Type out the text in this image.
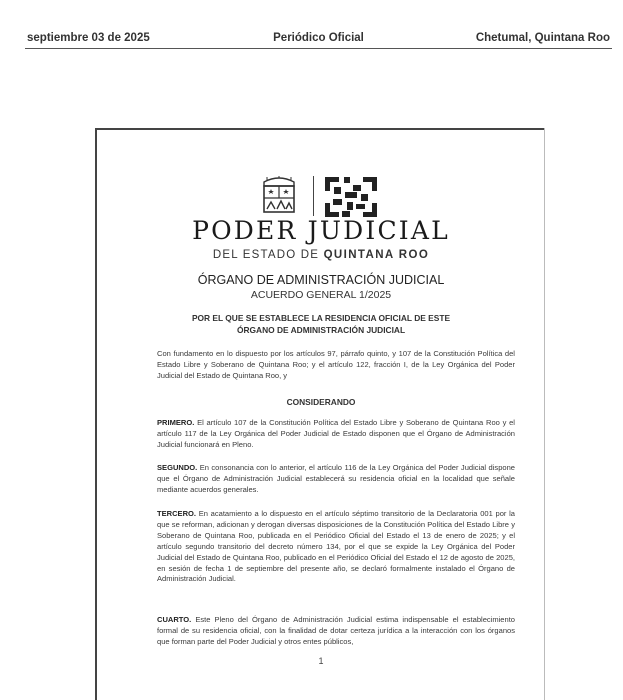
septiembre 03 de 2025	Periódico Oficial	Chetumal, Quintana Roo
PODER JUDICIAL
DEL ESTADO DE QUINTANA ROO
ÓRGANO DE ADMINISTRACIÓN JUDICIAL
ACUERDO GENERAL 1/2025
POR EL QUE SE ESTABLECE LA RESIDENCIA OFICIAL DE ESTE
ÓRGANO DE ADMINISTRACIÓN JUDICIAL
Con fundamento en lo dispuesto por los artículos 97, párrafo quinto, y 107 de la Constitución Política del Estado Libre y Soberano de Quintana Roo; y el artículo 122, fracción I, de la Ley Orgánica del Poder Judicial del Estado de Quintana Roo, y
CONSIDERANDO
PRIMERO. El artículo 107 de la Constitución Política del Estado Libre y Soberano de Quintana Roo y el artículo 117 de la Ley Orgánica del Poder Judicial de Estado disponen que el Órgano de Administración Judicial funcionará en Pleno.
SEGUNDO. En consonancia con lo anterior, el artículo 116 de la Ley Orgánica del Poder Judicial dispone que el Órgano de Administración Judicial establecerá su residencia oficial en la localidad que señale mediante acuerdos generales.
TERCERO. En acatamiento a lo dispuesto en el artículo séptimo transitorio de la Declaratoria 001 por la que se reforman, adicionan y derogan diversas disposiciones de la Constitución Política del Estado Libre y Soberano de Quintana Roo, publicada en el Periódico Oficial del Estado el 13 de enero de 2025; y el artículo segundo transitorio del decreto número 134, por el que se expide la Ley Orgánica del Poder Judicial del Estado de Quintana Roo, publicado en el Periódico Oficial del Estado el 12 de agosto de 2025, en sesión de fecha 1 de septiembre del presente año, se declaró formalmente instalado el Órgano de Administración Judicial.
CUARTO. Este Pleno del Órgano de Administración Judicial estima indispensable el establecimiento formal de su residencia oficial, con la finalidad de dotar certeza jurídica a la interacción con los órganos que forman parte del Poder Judicial y otros entes públicos,
1
